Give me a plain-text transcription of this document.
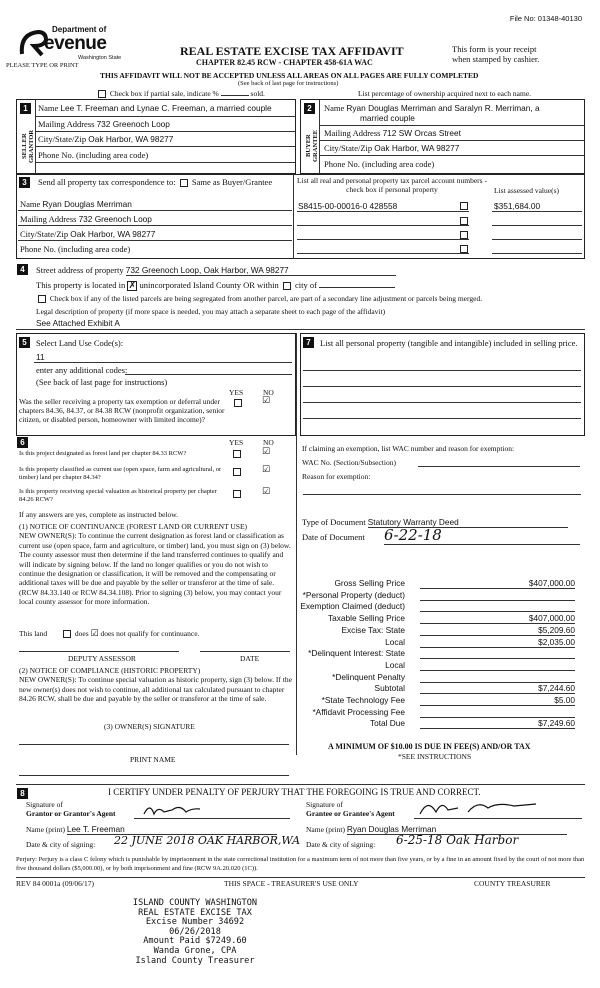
File No: 01348-40130
Department of
evenue
Washington State
PLEASE TYPE OR PRINT
REAL ESTATE EXCISE TAX AFFIDAVIT
CHAPTER 82.45 RCW - CHAPTER 458-61A WAC
This form is your receipt
when stamped by cashier.
THIS AFFIDAVIT WILL NOT BE ACCEPTED UNLESS ALL AREAS ON ALL PAGES ARE FULLY COMPLETED
(See back of last page for instructions)
Check box if partial sale, indicate %	sold.	List percentage of ownership acquired next to each name.
1
SELLER GRANTOR
Name Lee T. Freeman and Lynae C. Freeman, a married couple
Mailing Address 732 Greenoch Loop
City/State/Zip Oak Harbor, WA 98277
Phone No. (including area code)
2
BUYER GRANTEE
Name Ryan Douglas Merriman and Saralyn R. Merriman, a
married couple
Mailing Address 712 SW Orcas Street
City/State/Zip Oak Harbor, WA 98277
Phone No. (including area code)
3	Send all property tax correspondence to: Same as Buyer/Grantee
Name Ryan Douglas Merriman
Mailing Address 732 Greenoch Loop
City/State/Zip Oak Harbor, WA 98277
Phone No. (including area code)
List all real and personal property tax parcel account numbers - check box if personal property	List assessed value(s)
S8415-00-00016-0 428558	$351,684.00
4	Street address of property 732 Greenoch Loop, Oak Harbor, WA 98277
This property is located in ✗ unincorporated Island County OR within city of
Check box if any of the listed parcels are being segregated from another parcel, are part of a secondary line adjustment or parcels being merged.
Legal description of property (if more space is needed, you may attach a separate sheet to each page of the affidavit)
See Attached Exhibit A
5	Select Land Use Code(s):
11
enter any additional codes:
(See back of last page for instructions)
YES	NO
Was the seller receiving a property tax exemption or deferral under chapters 84.36, 84.37, or 84.38 RCW (nonprofit organization, senior citizen, or disabled person, homeowner with limited income)?
☑
6	YES	NO
Is this project designated as forest land per chapter 84.33 RCW?	☑
Is this property classified as current use (open space, farm and agricultural, or timber) land per chapter 84.34?
☑
Is this property receiving special valuation as historical property per chapter 84.26 RCW?
☑
If any answers are yes, complete as instructed below.
(1) NOTICE OF CONTINUANCE (FOREST LAND OR CURRENT USE)
NEW OWNER(S): To continue the current designation as forest land or classification as current use (open space, farm and agriculture, or timber) land, you must sign on (3) below. The county assessor must then determine if the land transferred continues to qualify and will indicate by signing below. If the land no longer qualifies or you do not wish to continue the designation or classification, it will be removed and the compensating or additional taxes will be due and payable by the seller or transferor at the time of sale. (RCW 84.33.140 or RCW 84.34.108). Prior to signing (3) below, you may contact your local county assessor for more information.
This land	does ☑ does not qualify for continuance.
DEPUTY ASSESSOR	DATE
(2) NOTICE OF COMPLIANCE (HISTORIC PROPERTY)
NEW OWNER(S): To continue special valuation as historic property, sign (3) below. If the new owner(s) does not wish to continue, all additional tax calculated pursuant to chapter 84.26 RCW, shall be due and payable by the seller or transferor at the time of sale.
(3) OWNER(S) SIGNATURE
PRINT NAME
7	List all personal property (tangible and intangible) included in selling price.
If claiming an exemption, list WAC number and reason for exemption:
WAC No. (Section/Subsection)
Reason for exemption:
Type of Document Statutory Warranty Deed
Date of Document 6-22-18
Gross Selling Price	$407,000.00
*Personal Property (deduct)
Exemption Claimed (deduct)
Taxable Selling Price	$407,000.00
Excise Tax: State	$5,209.60
Local	$2,035.00
*Delinquent Interest: State
Local
*Delinquent Penalty
Subtotal	$7,244.60
*State Technology Fee	$5.00
*Affidavit Processing Fee
Total Due	$7,249.60
A MINIMUM OF $10.00 IS DUE IN FEE(S) AND/OR TAX
*SEE INSTRUCTIONS
8	I CERTIFY UNDER PENALTY OF PERJURY THAT THE FOREGOING IS TRUE AND CORRECT.
Signature of
Grantor or Grantor's Agent
Name (print) Lee T. Freeman
Date & city of signing: 22 JUNE 2018 OAK HARBOR,WA
Signature of
Grantee or Grantee's Agent
Name (print) Ryan Douglas Merriman
Date & city of signing: 6-25-18 Oak Harbor
Perjury: Perjury is a class C felony which is punishable by imprisonment in the state correctional institution for a maximum term of not more than five years, or by a fine in an amount fixed by the court of not more than five thousand dollars ($5,000.00), or by both imprisonment and fine (RCW 9A.20.020 (1C)).
REV 84 0001a (09/06/17)	THIS SPACE - TREASURER'S USE ONLY	COUNTY TREASURER
ISLAND COUNTY WASHINGTON
REAL ESTATE EXCISE TAX
Excise Number 34692
06/26/2018
Amount Paid $7249.60
Wanda Grone, CPA
Island County Treasurer
